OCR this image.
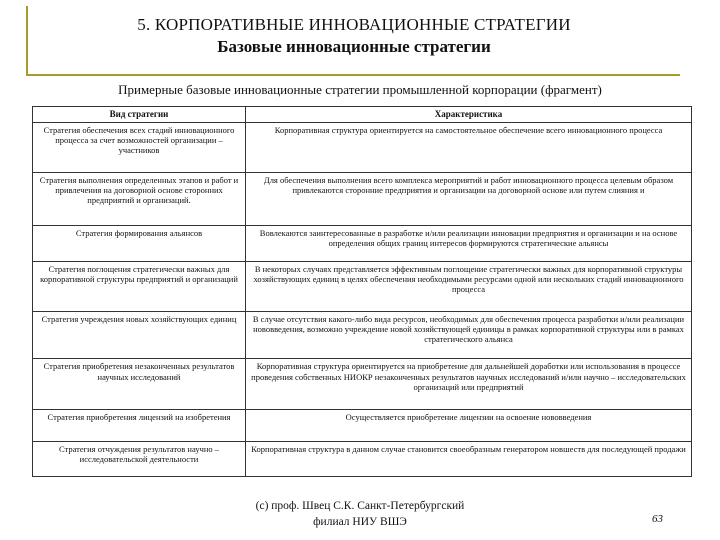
5. КОРПОРАТИВНЫЕ ИННОВАЦИОННЫЕ СТРАТЕГИИ
Базовые инновационные стратегии
Примерные базовые инновационные стратегии промышленной корпорации (фрагмент)
Вид стратегии	Характеристика
Стратегия обеспечения всех стадий инновационного процесса за счет возможностей организации – участников	Корпоративная структура ориентируется на самостоятельное обеспечение всего инновационного процесса
Стратегия выполнения определенных этапов и работ и привлечения на договорной основе сторонних предприятий и организаций.	Для обеспечения выполнения всего комплекса мероприятий и работ инновационного процесса целевым образом привлекаются сторонние предприятия и организации на договорной основе или путем слияния и
Стратегия формирования альянсов	Вовлекаются заинтересованные в разработке и/или реализации инновации предприятия и организации и на основе определения общих границ интересов формируются стратегические альянсы
Стратегия поглощения стратегически важных для корпоративной структуры предприятий и организаций	В некоторых случаях представляется эффективным поглощение стратегически важных для корпоративной структуры хозяйствующих единиц в целях обеспечения необходимыми ресурсами одной или нескольких стадий инновационного процесса
Стратегия учреждения новых хозяйствующих единиц	В случае отсутствия какого-либо вида ресурсов, необходимых для обеспечения процесса разработки и/или реализации нововведения, возможно учреждение новой хозяйствующей единицы в рамках корпоративной структуры или в рамках стратегического альянса
Стратегия приобретения незаконченных результатов научных исследований	Корпоративная структура ориентируется на приобретение для дальнейшей доработки или использования в процессе проведения собственных НИОКР незаконченных результатов научных исследований и/или научно – исследовательских организаций или предприятий
Стратегия приобретения лицензий на изобретения	Осуществляется приобретение лицензии на освоение нововведения
Стратегия отчуждения результатов научно – исследовательской деятельности	Корпоративная структура в данном случае становится своеобразным генератором новшеств для последующей продажи
(с) проф. Швец С.К. Санкт-Петербургский
филиал НИУ ВШЭ	63
